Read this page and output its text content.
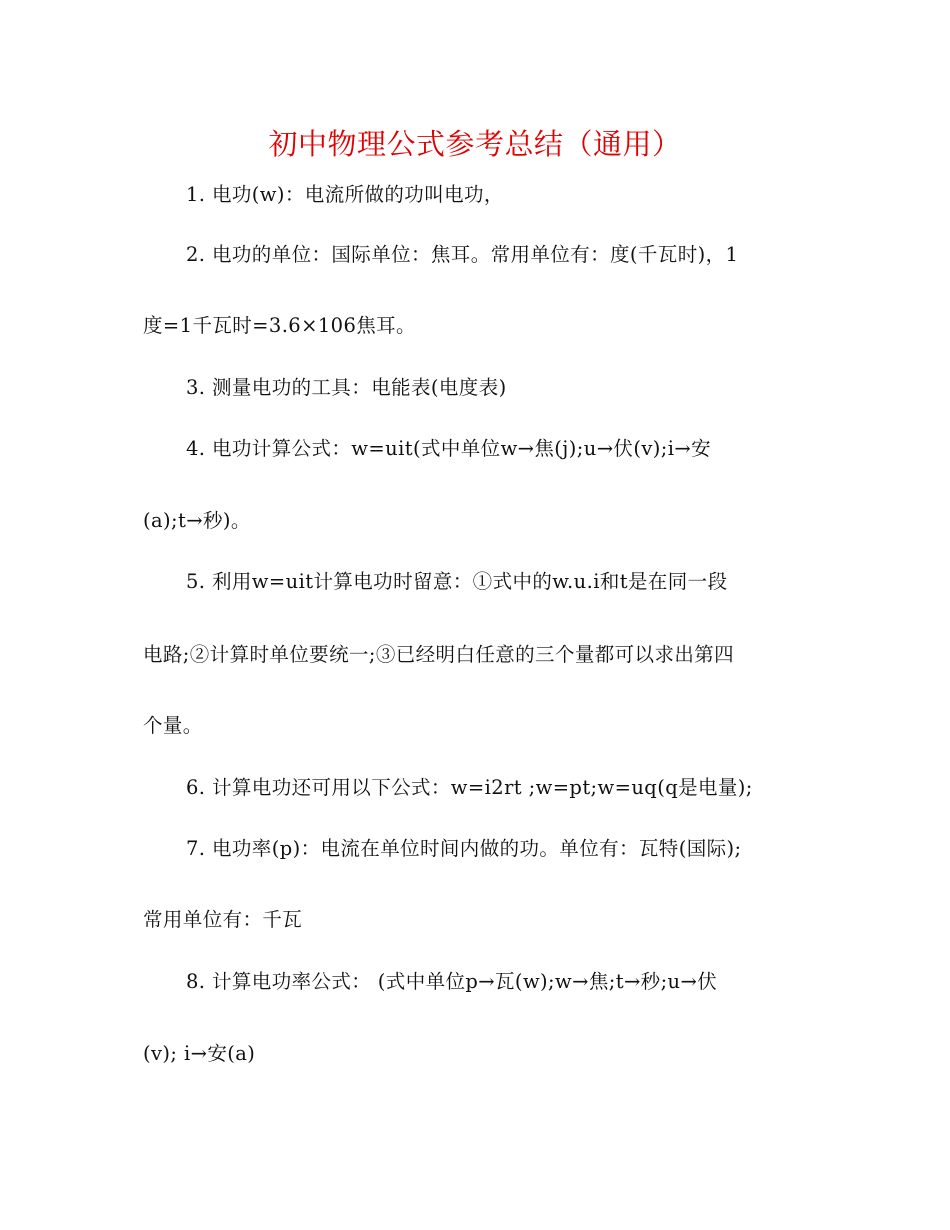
初中物理公式参考总结（通用）
1. 电功(w)：电流所做的功叫电功，
2. 电功的单位：国际单位：焦耳。常用单位有：度(千瓦时)，1
度=1千瓦时=3.6×106焦耳。
3. 测量电功的工具：电能表(电度表)
4. 电功计算公式：w=uit(式中单位w→焦(j);u→伏(v);i→安
(a);t→秒)。
5. 利用w=uit计算电功时留意：①式中的w.u.i和t是在同一段
电路;②计算时单位要统一;③已经明白任意的三个量都可以求出第四
个量。
6. 计算电功还可用以下公式：w=i2rt ;w=pt;w=uq(q是电量);
7. 电功率(p)：电流在单位时间内做的功。单位有：瓦特(国际);
常用单位有：千瓦
8. 计算电功率公式： (式中单位p→瓦(w);w→焦;t→秒;u→伏
(v); i→安(a)
